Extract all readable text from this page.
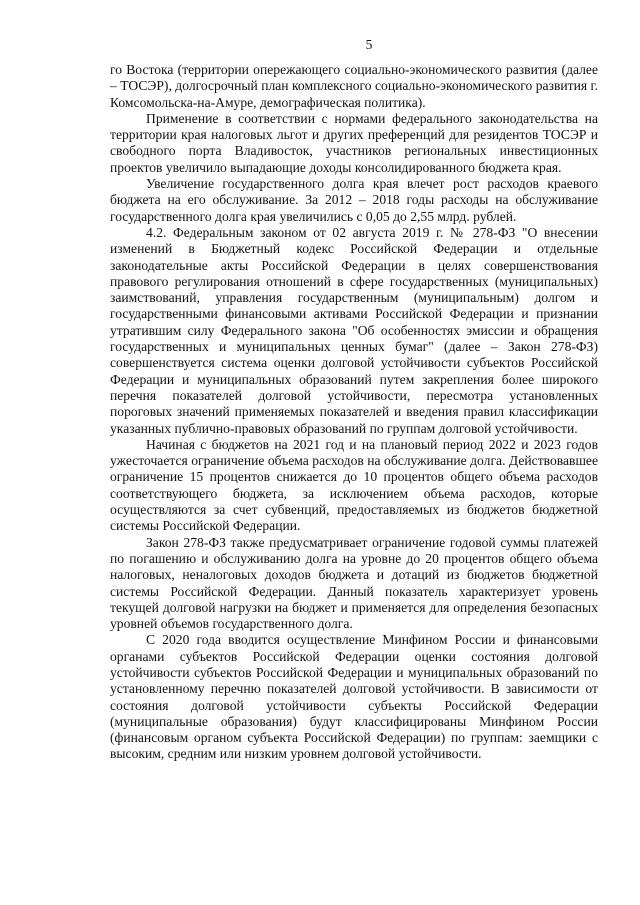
5

го Востока (территории опережающего социально-экономического развития (далее – ТОСЭР), долгосрочный план комплексного социально-экономического развития г. Комсомольска-на-Амуре, демографическая политика).

Применение в соответствии с нормами федерального законодательства на территории края налоговых льгот и других преференций для резидентов ТОСЭР и свободного порта Владивосток, участников региональных инвестиционных проектов увеличило выпадающие доходы консолидированного бюджета края.

Увеличение государственного долга края влечет рост расходов краевого бюджета на его обслуживание. За 2012 – 2018 годы расходы на обслуживание государственного долга края увеличились с 0,05 до 2,55 млрд. рублей.

4.2. Федеральным законом от 02 августа 2019 г. № 278-ФЗ "О внесении изменений в Бюджетный кодекс Российской Федерации и отдельные законодательные акты Российской Федерации в целях совершенствования правового регулирования отношений в сфере государственных (муниципальных) заимствований, управления государственным (муниципальным) долгом и государственными финансовыми активами Российской Федерации и признании утратившим силу Федерального закона "Об особенностях эмиссии и обращения государственных и муниципальных ценных бумаг" (далее – Закон 278-ФЗ) совершенствуется система оценки долговой устойчивости субъектов Российской Федерации и муниципальных образований путем закрепления более широкого перечня показателей долговой устойчивости, пересмотра установленных пороговых значений применяемых показателей и введения правил классификации указанных публично-правовых образований по группам долговой устойчивости.

Начиная с бюджетов на 2021 год и на плановый период 2022 и 2023 годов ужесточается ограничение объема расходов на обслуживание долга. Действовавшее ограничение 15 процентов снижается до 10 процентов общего объема расходов соответствующего бюджета, за исключением объема расходов, которые осуществляются за счет субвенций, предоставляемых из бюджетов бюджетной системы Российской Федерации.

Закон 278-ФЗ также предусматривает ограничение годовой суммы платежей по погашению и обслуживанию долга на уровне до 20 процентов общего объема налоговых, неналоговых доходов бюджета и дотаций из бюджетов бюджетной системы Российской Федерации. Данный показатель характеризует уровень текущей долговой нагрузки на бюджет и применяется для определения безопасных уровней объемов государственного долга.

С 2020 года вводится осуществление Минфином России и финансовыми органами субъектов Российской Федерации оценки состояния долговой устойчивости субъектов Российской Федерации и муниципальных образований по установленному перечню показателей долговой устойчивости. В зависимости от состояния долговой устойчивости субъекты Российской Федерации (муниципальные образования) будут классифицированы Минфином России (финансовым органом субъекта Российской Федерации) по группам: заемщики с высоким, средним или низким уровнем долговой устойчивости.
